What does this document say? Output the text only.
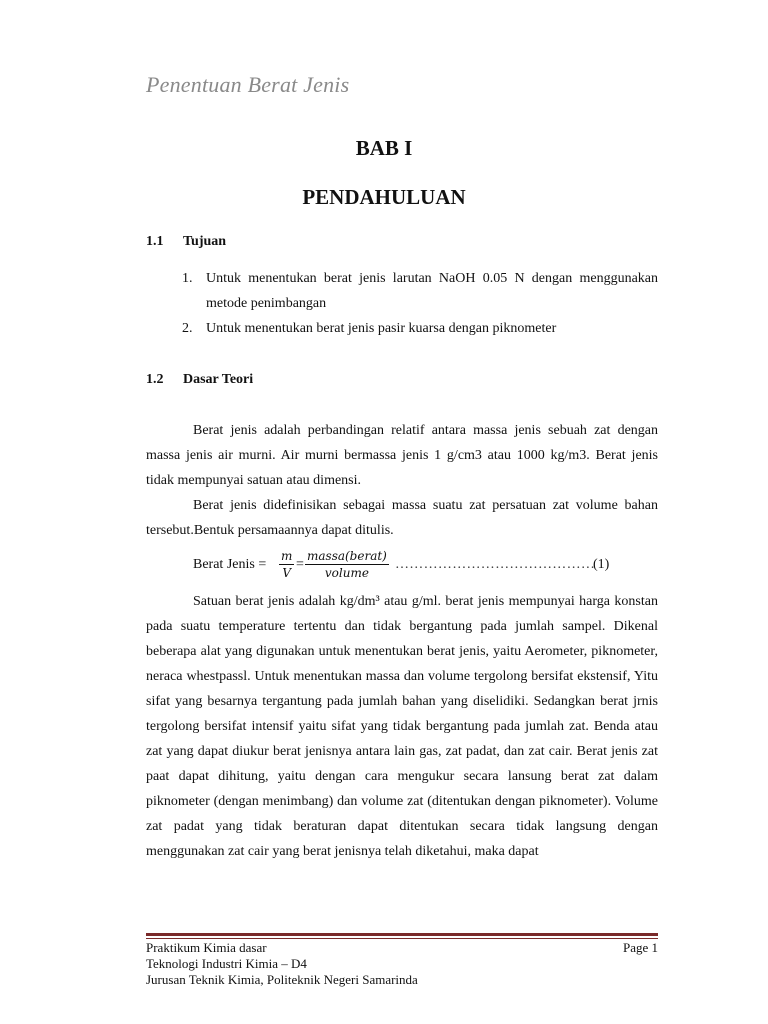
Penentuan Berat Jenis
BAB I
PENDAHULUAN
1.1 Tujuan
1. Untuk menentukan berat jenis larutan NaOH 0.05 N dengan menggunakan metode penimbangan
2. Untuk menentukan berat jenis pasir kuarsa dengan piknometer
1.2 Dasar Teori
Berat jenis adalah perbandingan relatif antara massa jenis sebuah zat dengan massa jenis air murni. Air murni bermassa jenis 1 g/cm3 atau 1000 kg/m3. Berat jenis tidak mempunyai satuan atau dimensi.
Berat jenis didefinisikan sebagai massa suatu zat persatuan zat volume bahan tersebut.Bentuk persamaannya dapat ditulis.
Berat Jenis = $\frac{m}{V}$ =
massa(berat)
volume
……………………………………
(1)
Satuan berat jenis adalah kg/dm³ atau g/ml. berat jenis mempunyai harga konstan pada suatu temperature tertentu dan tidak bergantung pada jumlah sampel. Dikenal beberapa alat yang digunakan untuk menentukan berat jenis, yaitu Aerometer, piknometer, neraca whestpassl. Untuk menentukan massa dan volume tergolong bersifat ekstensif, Yitu sifat yang besarnya tergantung pada jumlah bahan yang diselidiki. Sedangkan berat jrnis tergolong bersifat intensif yaitu sifat yang tidak bergantung pada jumlah zat. Benda atau zat yang dapat diukur berat jenisnya antara lain gas, zat padat, dan zat cair. Berat jenis zat paat dapat dihitung, yaitu dengan cara mengukur secara lansung berat zat dalam piknometer (dengan menimbang) dan volume zat (ditentukan dengan piknometer). Volume zat padat yang tidak beraturan dapat ditentukan secara tidak langsung dengan menggunakan zat cair yang berat jenisnya telah diketahui, maka dapat
Praktikum Kimia dasar	Page 1
Teknologi Industri Kimia – D4
Jurusan Teknik Kimia, Politeknik Negeri Samarinda
